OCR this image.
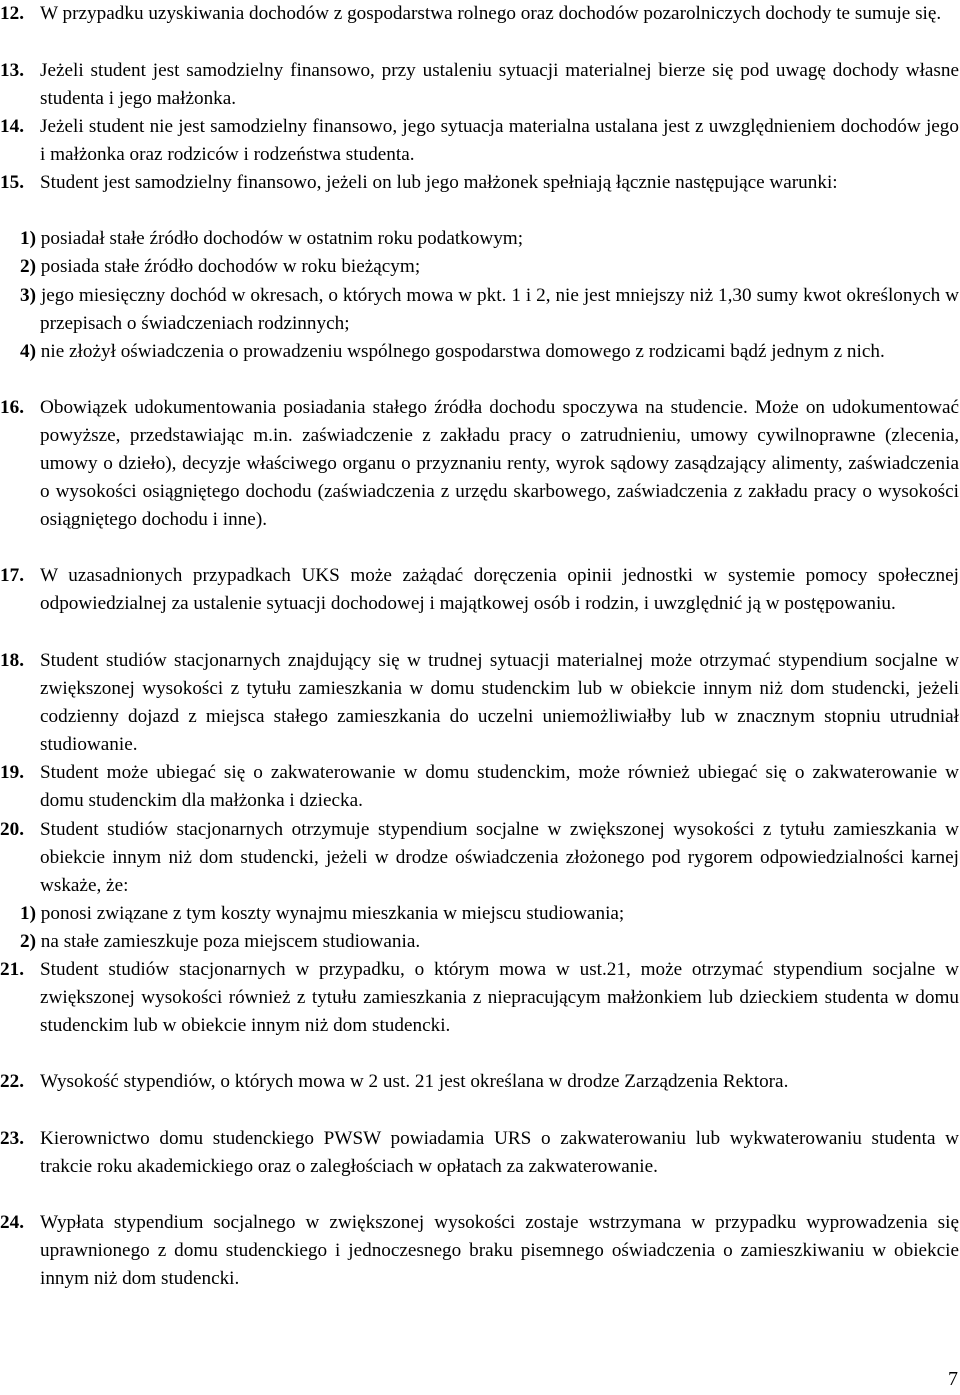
12. W przypadku uzyskiwania dochodów z gospodarstwa rolnego oraz dochodów pozarolniczych dochody te sumuje się.

13. Jeżeli student jest samodzielny finansowo, przy ustaleniu sytuacji materialnej bierze się pod uwagę dochody własne studenta i jego małżonka.

14. Jeżeli student nie jest samodzielny finansowo, jego sytuacja materialna ustalana jest z uwzględnieniem dochodów jego i małżonka oraz rodziców i rodzeństwa studenta.

15. Student jest samodzielny finansowo, jeżeli on lub jego małżonek spełniają łącznie następujące warunki:

1) posiadał stałe źródło dochodów w ostatnim roku podatkowym;
2) posiada stałe źródło dochodów w roku bieżącym;

3) jego miesięczny dochód w okresach, o których mowa w pkt. 1 i 2, nie jest mniejszy niż 1,30 sumy kwot określonych w przepisach o świadczeniach rodzinnych;

4) nie złożył oświadczenia o prowadzeniu wspólnego gospodarstwa domowego z rodzicami bądź jednym z nich.

16. Obowiązek udokumentowania posiadania stałego źródła dochodu spoczywa na studencie. Może on udokumentować powyższe, przedstawiając m.in. zaświadczenie z zakładu pracy o zatrudnieniu, umowy cywilnoprawne (zlecenia, umowy o dzieło), decyzje właściwego organu o przyznaniu renty, wyrok sądowy zasądzający alimenty, zaświadczenia o wysokości osiągniętego dochodu (zaświadczenia z urzędu skarbowego, zaświadczenia z zakładu pracy o wysokości osiągniętego dochodu i inne).

17. W uzasadnionych przypadkach UKS może zażądać doręczenia opinii jednostki w systemie pomocy społecznej odpowiedzialnej za ustalenie sytuacji dochodowej i majątkowej osób i rodzin, i uwzględnić ją w postępowaniu.

18. Student studiów stacjonarnych znajdujący się w trudnej sytuacji materialnej może otrzymać stypendium socjalne w zwiększonej wysokości z tytułu zamieszkania w domu studenckim lub w obiekcie innym niż dom studencki, jeżeli codzienny dojazd z miejsca stałego zamieszkania do uczelni uniemożliwiałby lub w znacznym stopniu utrudniał studiowanie.

19. Student może ubiegać się o zakwaterowanie w domu studenckim, może również ubiegać się o zakwaterowanie w domu studenckim dla małżonka i dziecka.

20. Student studiów stacjonarnych otrzymuje stypendium socjalne w zwiększonej wysokości z tytułu zamieszkania w obiekcie innym niż dom studencki, jeżeli w drodze oświadczenia złożonego pod rygorem odpowiedzialności karnej wskaże, że:

1) ponosi związane z tym koszty wynajmu mieszkania w miejscu studiowania;
2) na stałe zamieszkuje poza miejscem studiowania.

21. Student studiów stacjonarnych w przypadku, o którym mowa w ust.21, może otrzymać stypendium socjalne w zwiększonej wysokości również z tytułu zamieszkania z niepracującym małżonkiem lub dzieckiem studenta w domu studenckim lub w obiekcie innym niż dom studencki.

22. Wysokość stypendiów, o których mowa w 2 ust. 21 jest określana w drodze Zarządzenia Rektora.

23. Kierownictwo domu studenckiego PWSW powiadamia URS o zakwaterowaniu lub wykwaterowaniu studenta w trakcie roku akademickiego oraz o zaległościach w opłatach za zakwaterowanie.

24. Wypłata stypendium socjalnego w zwiększonej wysokości zostaje wstrzymana w przypadku wyprowadzenia się uprawnionego z domu studenckiego i jednoczesnego braku pisemnego oświadczenia o zamieszkiwaniu w obiekcie innym niż dom studencki.

7
